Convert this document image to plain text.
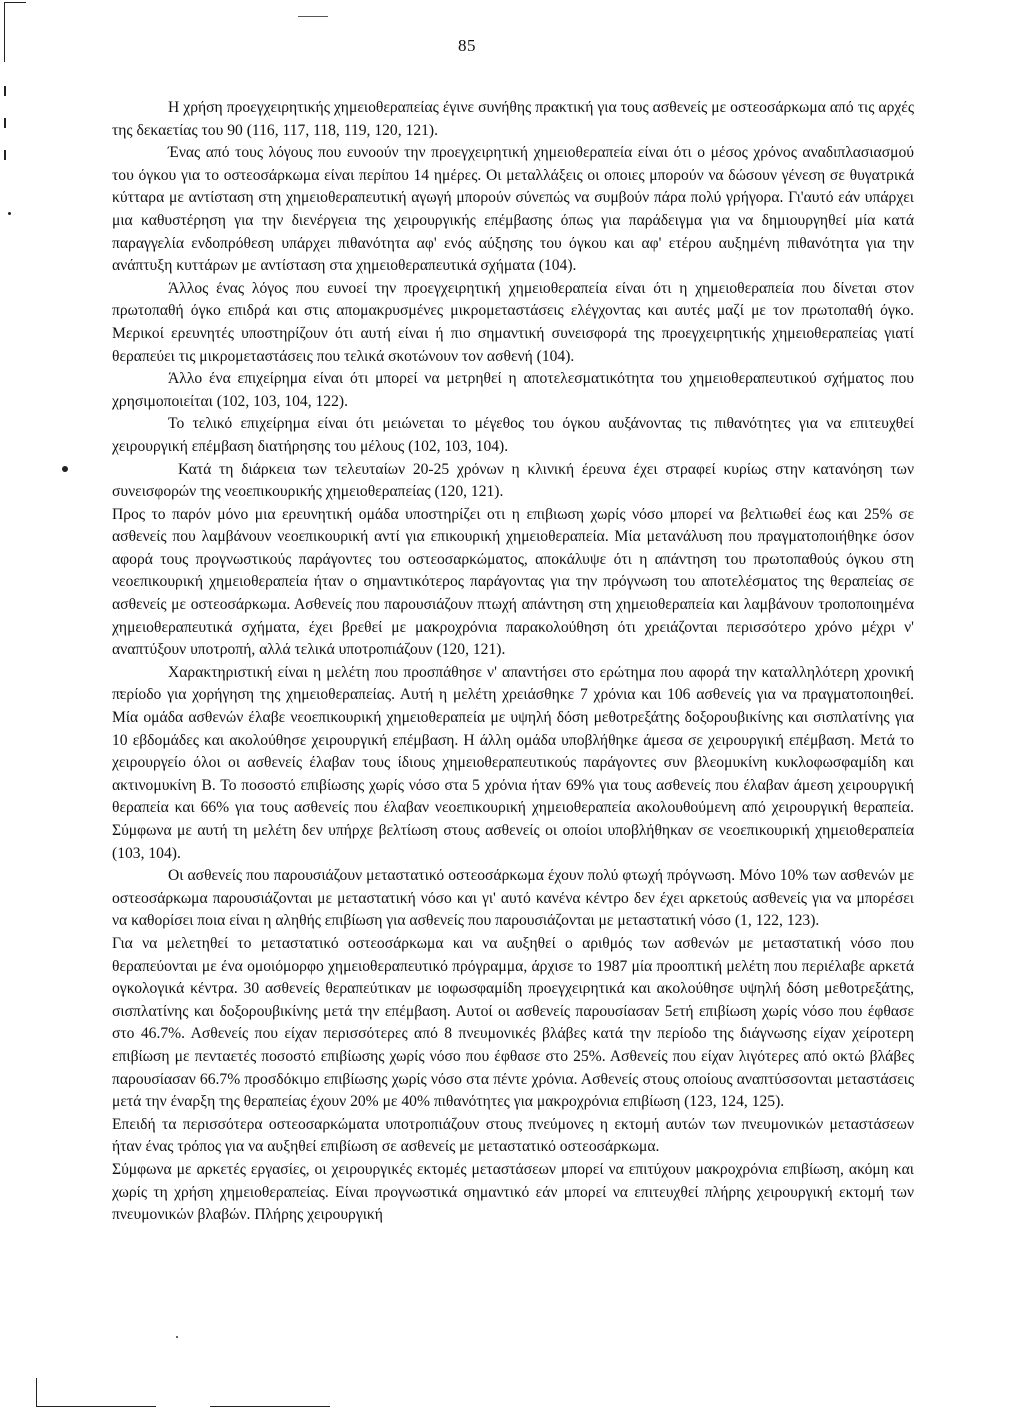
85

Η χρήση προεγχειρητικής χημειοθεραπείας έγινε συνήθης πρακτική για τους ασθενείς με οστεοσάρκωμα από τις αρχές της δεκαετίας του 90 (116, 117, 118, 119, 120, 121).

Ένας από τους λόγους που ευνοούν την προεγχειρητική χημειοθεραπεία είναι ότι ο μέσος χρόνος αναδιπλασιασμού του όγκου για το οστεοσάρκωμα είναι περίπου 14 ημέρες. Οι μεταλλάξεις οι οποιες μπορούν να δώσουν γένεση σε θυγατρικά κύτταρα με αντίσταση στη χημειοθεραπευτική αγωγή μπορούν σύνεπώς να συμβούν πάρα πολύ γρήγορα. Γι'αυτό εάν υπάρχει μια καθυστέρηση για την διενέργεια της χειρουργικής επέμβασης όπως για παράδειγμα για να δημιουργηθεί μία κατά παραγγελία ενδοπρόθεση υπάρχει πιθανότητα αφ' ενός αύξησης του όγκου και αφ' ετέρου αυξημένη πιθανότητα για την ανάπτυξη κυττάρων με αντίσταση στα χημειοθεραπευτικά σχήματα (104).

Άλλος ένας λόγος που ευνοεί την προεγχειρητική χημειοθεραπεία είναι ότι η χημειοθεραπεία που δίνεται στον πρωτοπαθή όγκο επιδρά και στις απομακρυσμένες μικρομεταστάσεις ελέγχοντας και αυτές μαζί με τον πρωτοπαθή όγκο. Μερικοί ερευνητές υποστηρίζουν ότι αυτή είναι ή πιο σημαντική συνεισφορά της προεγχειρητικής χημειοθεραπείας γιατί θεραπεύει τις μικρομεταστάσεις που τελικά σκοτώνουν τον ασθενή (104).

Άλλο ένα επιχείρημα είναι ότι μπορεί να μετρηθεί η αποτελεσματικότητα του χημειοθεραπευτικού σχήματος που χρησιμοποιείται (102, 103, 104, 122).

Το τελικό επιχείρημα είναι ότι μειώνεται το μέγεθος του όγκου αυξάνοντας τις πιθανότητες για να επιτευχθεί χειρουργική επέμβαση διατήρησης του μέλους (102, 103, 104).

Κατά τη διάρκεια των τελευταίων 20-25 χρόνων η κλινική έρευνα έχει στραφεί κυρίως στην κατανόηση των συνεισφορών της νεοεπικουρικής χημειοθεραπείας (120, 121).

Προς το παρόν μόνο μια ερευνητική ομάδα υποστηρίζει οτι η επιβιωση χωρίς νόσο μπορεί να βελτιωθεί έως και 25% σε ασθενείς που λαμβάνουν νεοεπικουρική αντί για επικουρική χημειοθεραπεία. Μία μετανάλυση που πραγματοποιήθηκε όσον αφορά τους προγνωστικούς παράγοντες του οστεοσαρκώματος, αποκάλυψε ότι η απάντηση του πρωτοπαθούς όγκου στη νεοεπικουρική χημειοθεραπεία ήταν ο σημαντικότερος παράγοντας για την πρόγνωση του αποτελέσματος της θεραπείας σε ασθενείς με οστεοσάρκωμα. Ασθενείς που παρουσιάζουν πτωχή απάντηση στη χημειοθεραπεία και λαμβάνουν τροποποιημένα χημειοθεραπευτικά σχήματα, έχει βρεθεί με μακροχρόνια παρακολούθηση ότι χρειάζονται περισσότερο χρόνο μέχρι ν' αναπτύξουν υποτροπή, αλλά τελικά υποτροπιάζουν (120, 121).

Χαρακτηριστική είναι η μελέτη που προσπάθησε ν' απαντήσει στο ερώτημα που αφορά την καταλληλότερη χρονική περίοδο για χορήγηση της χημειοθεραπείας. Αυτή η μελέτη χρειάσθηκε 7 χρόνια και 106 ασθενείς για να πραγματοποιηθεί. Μία ομάδα ασθενών έλαβε νεοεπικουρική χημειοθεραπεία με υψηλή δόση μεθοτρεξάτης δοξορουβικίνης και σισπλατίνης για 10 εβδομάδες και ακολούθησε χειρουργική επέμβαση. Η άλλη ομάδα υποβλήθηκε άμεσα σε χειρουργική επέμβαση. Μετά το χειρουργείο όλοι οι ασθενείς έλαβαν τους ίδιους χημειοθεραπευτικούς παράγοντες συν βλεομυκίνη κυκλοφωσφαμίδη και ακτινομυκίνη Β. Το ποσοστό επιβίωσης χωρίς νόσο στα 5 χρόνια ήταν 69% για τους ασθενείς που έλαβαν άμεση χειρουργική θεραπεία και 66% για τους ασθενείς που έλαβαν νεοεπικουρική χημειοθεραπεία ακολουθούμενη από χειρουργική θεραπεία. Σύμφωνα με αυτή τη μελέτη δεν υπήρχε βελτίωση στους ασθενείς οι οποίοι υποβλήθηκαν σε νεοεπικουρική χημειοθεραπεία (103, 104).

Οι ασθενείς που παρουσιάζουν μεταστατικό οστεοσάρκωμα έχουν πολύ φτωχή πρόγνωση. Μόνο 10% των ασθενών με οστεοσάρκωμα παρουσιάζονται με μεταστατική νόσο και γι' αυτό κανένα κέντρο δεν έχει αρκετούς ασθενείς για να μπορέσει να καθορίσει ποια είναι η αληθής επιβίωση για ασθενείς που παρουσιάζονται με μεταστατική νόσο (1, 122, 123).

Για να μελετηθεί το μεταστατικό οστεοσάρκωμα και να αυξηθεί ο αριθμός των ασθενών με μεταστατική νόσο που θεραπεύονται με ένα ομοιόμορφο χημειοθεραπευτικό πρόγραμμα, άρχισε το 1987 μία προοπτική μελέτη που περιέλαβε αρκετά ογκολογικά κέντρα. 30 ασθενείς θεραπεύτικαν με ιοφωσφαμίδη προεγχειρητικά και ακολούθησε υψηλή δόση μεθοτρεξάτης, σισπλατίνης και δοξορουβικίνης μετά την επέμβαση. Αυτοί οι ασθενείς παρουσίασαν 5ετή επιβίωση χωρίς νόσο που έφθασε στο 46.7%. Ασθενείς που είχαν περισσότερες από 8 πνευμονικές βλάβες κατά την περίοδο της διάγνωσης είχαν χείροτερη επιβίωση με πενταετές ποσοστό επιβίωσης χωρίς νόσο που έφθασε στο 25%. Ασθενείς που είχαν λιγότερες από οκτώ βλάβες παρουσίασαν 66.7% προσδόκιμο επιβίωσης χωρίς νόσο στα πέντε χρόνια. Ασθενείς στους οποίους αναπτύσσονται μεταστάσεις μετά την έναρξη της θεραπείας έχουν 20% με 40% πιθανότητες για μακροχρόνια επιβίωση (123, 124, 125).

Επειδή τα περισσότερα οστεοσαρκώματα υποτροπιάζουν στους πνεύμονες η εκτομή αυτών των πνευμονικών μεταστάσεων ήταν ένας τρόπος για να αυξηθεί επιβίωση σε ασθενείς με μεταστατικό οστεοσάρκωμα.

Σύμφωνα με αρκετές εργασίες, οι χειρουργικές εκτομές μεταστάσεων μπορεί να επιτύχουν μακροχρόνια επιβίωση, ακόμη και χωρίς τη χρήση χημειοθεραπείας. Είναι προγνωστικά σημαντικό εάν μπορεί να επιτευχθεί πλήρης χειρουργική εκτομή των πνευμονικών βλαβών. Πλήρης χειρουργική
